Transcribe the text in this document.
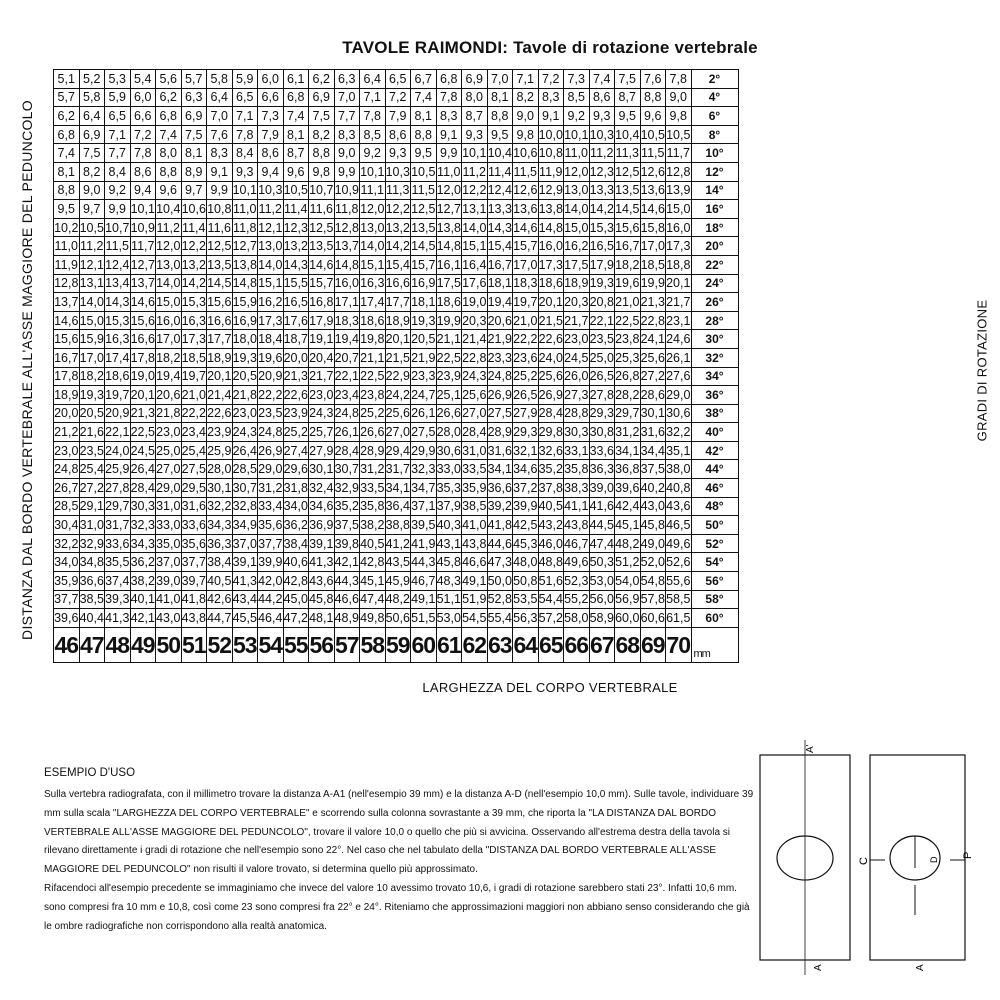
TAVOLE RAIMONDI: Tavole di rotazione vertebrale
DISTANZA DAL BORDO VERTEBRALE ALL'ASSE MAGGIORE DEL PEDUNCOLO	GRADI DI ROTAZIONE
5,1	5,2	5,3	5,4	5,6	5,7	5,8	5,9	6,0	6,1	6,2	6,3	6,4	6,5	6,7	6,8	6,9	7,0	7,1	7,2	7,3	7,4	7,5	7,6	7,8	2°
5,7	5,8	5,9	6,0	6,2	6,3	6,4	6,5	6,6	6,8	6,9	7,0	7,1	7,2	7,4	7,8	8,0	8,1	8,2	8,3	8,5	8,6	8,7	8,8	9,0	4°
6,2	6,4	6,5	6,6	6,8	6,9	7,0	7,1	7,3	7,4	7,5	7,7	7,8	7,9	8,1	8,3	8,7	8,8	9,0	9,1	9,2	9,3	9,5	9,6	9,8	6°
6,8	6,9	7,1	7,2	7,4	7,5	7,6	7,8	7,9	8,1	8,2	8,3	8,5	8,6	8,8	9,1	9,3	9,5	9,8	10,0	10,1	10,3	10,4	10,5	10,5	8°
7,4	7,5	7,7	7,8	8,0	8,1	8,3	8,4	8,6	8,7	8,8	9,0	9,2	9,3	9,5	9,9	10,1	10,4	10,6	10,8	11,0	11,2	11,3	11,5	11,7	10°
8,1	8,2	8,4	8,6	8,8	8,9	9,1	9,3	9,4	9,6	9,8	9,9	10,1	10,3	10,5	11,0	11,2	11,4	11,5	11,9	12,0	12,3	12,5	12,6	12,8	12°
8,8	9,0	9,2	9,4	9,6	9,7	9,9	10,1	10,3	10,5	10,7	10,9	11,1	11,3	11,5	12,0	12,2	12,4	12,6	12,9	13,0	13,3	13,5	13,6	13,9	14°
9,5	9,7	9,9	10,1	10,4	10,6	10,8	11,0	11,2	11,4	11,6	11,8	12,0	12,2	12,5	12,7	13,1	13,3	13,6	13,8	14,0	14,2	14,5	14,6	15,0	16°
10,2	10,5	10,7	10,9	11,2	11,4	11,6	11,8	12,1	12,3	12,5	12,8	13,0	13,2	13,5	13,8	14,0	14,3	14,6	14,8	15,0	15,3	15,6	15,8	16,0	18°
11,0	11,2	11,5	11,7	12,0	12,2	12,5	12,7	13,0	13,2	13,5	13,7	14,0	14,2	14,5	14,8	15,1	15,4	15,7	16,0	16,2	16,5	16,7	17,0	17,3	20°
11,9	12,1	12,4	12,7	13,0	13,2	13,5	13,8	14,0	14,3	14,6	14,8	15,1	15,4	15,7	16,1	16,4	16,7	17,0	17,3	17,5	17,9	18,2	18,5	18,8	22°
12,8	13,1	13,4	13,7	14,0	14,2	14,5	14,8	15,1	15,5	15,7	16,0	16,3	16,6	16,9	17,5	17,6	18,1	18,3	18,6	18,9	19,3	19,6	19,9	20,1	24°
13,7	14,0	14,3	14,6	15,0	15,3	15,6	15,9	16,2	16,5	16,8	17,1	17,4	17,7	18,1	18,6	19,0	19,4	19,7	20,1	20,3	20,8	21,0	21,3	21,7	26°
14,6	15,0	15,3	15,6	16,0	16,3	16,6	16,9	17,3	17,6	17,9	18,3	18,6	18,9	19,3	19,9	20,3	20,6	21,0	21,5	21,7	22,1	22,5	22,8	23,1	28°
15,6	15,9	16,3	16,6	17,0	17,3	17,7	18,0	18,4	18,7	19,1	19,4	19,8	20,1	20,5	21,1	21,4	21,9	22,2	22,6	23,0	23,5	23,8	24,1	24,6	30°
16,7	17,0	17,4	17,8	18,2	18,5	18,9	19,3	19,6	20,0	20,4	20,7	21,1	21,5	21,9	22,5	22,8	23,3	23,6	24,0	24,5	25,0	25,3	25,6	26,1	32°
17,8	18,2	18,6	19,0	19,4	19,7	20,1	20,5	20,9	21,3	21,7	22,1	22,5	22,9	23,3	23,9	24,3	24,8	25,2	25,6	26,0	26,5	26,8	27,2	27,6	34°
18,9	19,3	19,7	20,1	20,6	21,0	21,4	21,8	22,2	22,6	23,0	23,4	23,8	24,2	24,7	25,1	25,6	26,9	26,5	26,9	27,3	27,8	28,2	28,6	29,0	36°
20,0	20,5	20,9	21,3	21,8	22,2	22,6	23,0	23,5	23,9	24,3	24,8	25,2	25,6	26,1	26,6	27,0	27,5	27,9	28,4	28,8	29,3	29,7	30,1	30,6	38°
21,2	21,6	22,1	22,5	23,0	23,4	23,9	24,3	24,8	25,2	25,7	26,1	26,6	27,0	27,5	28,0	28,4	28,9	29,3	29,8	30,3	30,8	31,2	31,6	32,2	40°
23,0	23,5	24,0	24,5	25,0	25,4	25,9	26,4	26,9	27,4	27,9	28,4	28,9	29,4	29,9	30,6	31,0	31,6	32,1	32,6	33,1	33,6	34,1	34,4	35,1	42°
24,8	25,4	25,9	26,4	27,0	27,5	28,0	28,5	29,0	29,6	30,1	30,7	31,2	31,7	32,3	33,0	33,5	34,1	34,6	35,2	35,8	36,3	36,8	37,5	38,0	44°
26,7	27,2	27,8	28,4	29,0	29,5	30,1	30,7	31,2	31,8	32,4	32,9	33,5	34,1	34,7	35,3	35,9	36,6	37,2	37,8	38,3	39,0	39,6	40,2	40,8	46°
28,5	29,1	29,7	30,3	31,0	31,6	32,2	32,8	33,4	34,0	34,6	35,2	35,8	36,4	37,1	37,9	38,5	39,2	39,9	40,5	41,1	41,6	42,4	43,0	43,6	48°
30,4	31,0	31,7	32,3	33,0	33,6	34,3	34,9	35,6	36,2	36,9	37,5	38,2	38,8	39,5	40,3	41,0	41,8	42,5	43,2	43,8	44,5	45,1	45,8	46,5	50°
32,2	32,9	33,6	34,3	35,0	35,6	36,3	37,0	37,7	38,4	39,1	39,8	40,5	41,2	41,9	43,1	43,8	44,6	45,3	46,0	46,7	47,4	48,2	49,0	49,6	52°
34,0	34,8	35,5	36,2	37,0	37,7	38,4	39,1	39,9	40,6	41,3	42,1	42,8	43,5	44,3	45,8	46,6	47,3	48,0	48,8	49,6	50,3	51,2	52,0	52,6	54°
35,9	36,6	37,4	38,2	39,0	39,7	40,5	41,3	42,0	42,8	43,6	44,3	45,1	45,9	46,7	48,3	49,1	50,0	50,8	51,6	52,3	53,0	54,0	54,8	55,6	56°
37,7	38,5	39,3	40,1	41,0	41,8	42,6	43,4	44,2	45,0	45,8	46,6	47,4	48,2	49,1	51,1	51,9	52,8	53,5	54,4	55,2	56,0	56,9	57,8	58,5	58°
39,6	40,4	41,3	42,1	43,0	43,8	44,7	45,5	46,4	47,2	48,1	48,9	49,8	50,6	51,5	53,0	54,5	55,4	56,3	57,2	58,0	58,9	60,0	60,6	61,5	60°
46	47	48	49	50	51	52	53	54	55	56	57	58	59	60	61	62	63	64	65	66	67	68	69	70	mm
LARGHEZZA DEL CORPO VERTEBRALE
ESEMPIO D'USO

Sulla vertebra radiografata, con il millimetro trovare la distanza A-A1 (nell'esempio 39 mm) e la distanza A-D (nell'esempio 10,0 mm). Sulle tavole, individuare 39 mm sulla scala "LARGHEZZA DEL CORPO VERTEBRALE" e scorrendo sulla colonna sovrastante a 39 mm, che riporta la "LA DISTANZA DAL BORDO VERTEBRALE ALL'ASSE MAGGIORE DEL PEDUNCOLO", trovare il valore 10,0 o quello che più si avvicina. Osservando all'estrema destra della tavola si rilevano direttamente i gradi di rotazione che nell'esempio sono 22°. Nel caso che nel tabulato della "DISTANZA DAL BORDO VERTEBRALE ALL'ASSE MAGGIORE DEL PEDUNCOLO" non risulti il valore trovato, si determina quello più approssimato.

Rifacendoci all'esempio precedente se immaginiamo che invece del valore 10 avessimo trovato 10,6, i gradi di rotazione sarebbero stati 23°. Infatti 10,6 mm. sono compresi fra 10 mm e 10,8, così come 23 sono compresi fra 22° e 24°. Riteniamo che approssimazioni maggiori non abbiano senso considerando che già le ombre radiografiche non corrispondono alla realtà anatomica.

A'
A
C	D
P
A
